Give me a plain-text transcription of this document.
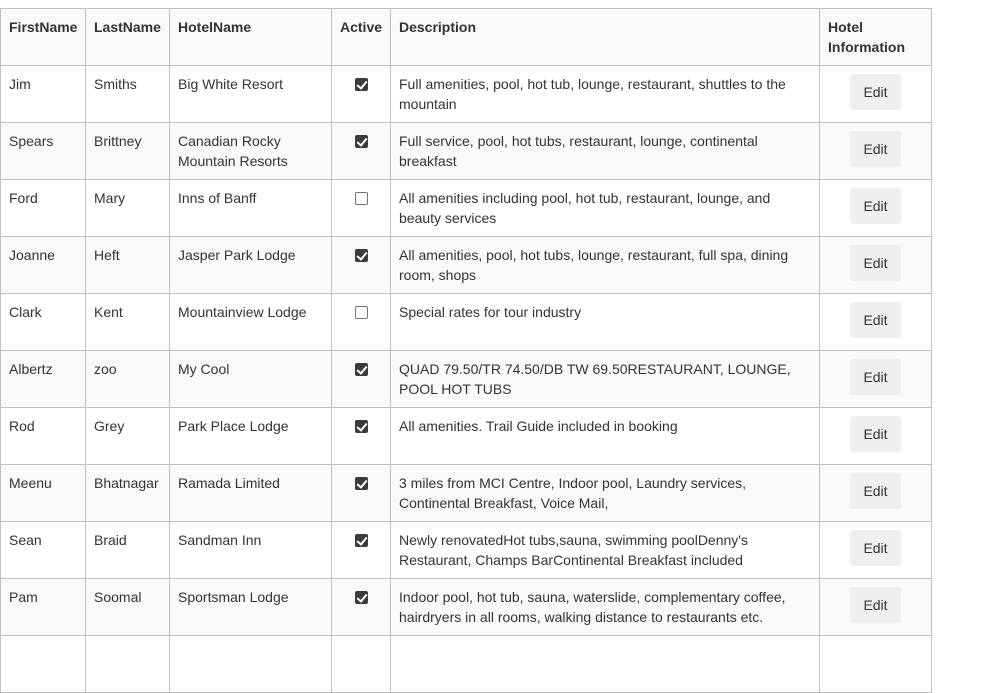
FirstName	LastName	HotelName	Active	Description	Hotel Information
Jim	Smiths	Big White Resort		Full amenities, pool, hot tub, lounge, restaurant, shuttles to the mountain	Edit
Spears	Brittney	Canadian Rocky Mountain Resorts		Full service, pool, hot tubs, restaurant, lounge, continental breakfast	Edit
Ford	Mary	Inns of Banff		All amenities including pool, hot tub, restaurant, lounge, and beauty services	Edit
Joanne	Heft	Jasper Park Lodge		All amenities, pool, hot tubs, lounge, restaurant, full spa, dining room, shops	Edit
Clark	Kent	Mountainview Lodge		Special rates for tour industry	Edit
Albertz	zoo	My Cool		QUAD 79.50/TR 74.50/DB TW 69.50RESTAURANT, LOUNGE, POOL HOT TUBS	Edit
Rod	Grey	Park Place Lodge		All amenities. Trail Guide included in booking	Edit
Meenu	Bhatnagar	Ramada Limited		3 miles from MCI Centre, Indoor pool, Laundry services, Continental Breakfast, Voice Mail,	Edit
Sean	Braid	Sandman Inn		Newly renovatedHot tubs,sauna, swimming poolDenny's Restaurant, Champs BarContinental Breakfast included	Edit
Pam	Soomal	Sportsman Lodge		Indoor pool, hot tub, sauna, waterslide, complementary coffee, hairdryers in all rooms, walking distance to restaurants etc.	Edit
